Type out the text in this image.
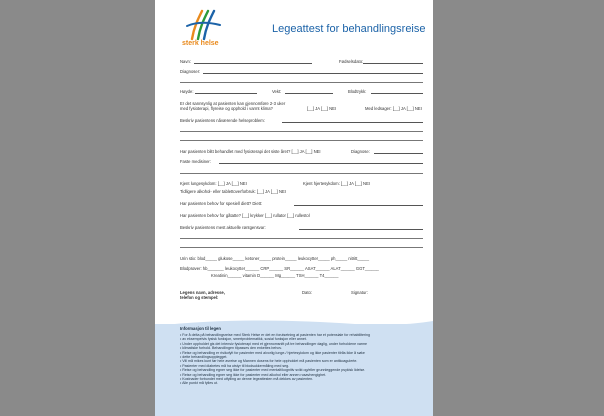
sterk helse
Legeattest for behandlingsreise
Navn:	Fødselsdato:
Diagnoser:
Høyde:	Vekt:	Blodtrykk:
Er det sannsynlig at pasienten kan gjennomføre 2-3 uker
med fysioterapi, flyreise og opphold i varmt klima?	[__] JA [__] NEI	Med ledsager: [__] JA [__] NEI
Beskriv pasientens nåværende helseproblem:
Har pasienten blitt behandlet med fysioterapi det siste året? [__] JA [__] NEI	Diagnose:
Faste medisiner:
Kjent lungesykdom: [__] JA [__] NEI	Kjent hjertesykdom: [__] JA [__] NEI
Tidligere alkohol- eller tablettoverforbruk: [__] JA [__] NEI
Har pasienten behov for spesiell diett? Diett:
Har pasienten behov for gåtatte? [__] krykker [__] rullator [__] rullestol
Beskriv pasientens mest aktuelle røntgensvar:
Urin stix: blod_____ glukose_____ ketoner_____ protein_____ leukocytter_____ ph_____ nitritt_____
Blodprøver: hb_______ leukocytter______ CRP______ SR______ ASAT______ ALAT______ GGT______
Kreatinin______ vitamin D______ Mg______ TSH______ T4______
Legens navn, adresse,
telefon og stempel:
Dato:	Signatur:
Informasjon til legen
• For å delta på behandlingsreise med Sterk Helse er det en forutsetning at pasienten har et potensiale for rehabilitering
• av eksempelvis fysisk funksjon, smertproblematikk, sosial funksjon eller annet.
• Under oppholdet gis det intensiv fysioterapi med et gjennomsnitt på tre behandlinger daglig, under forholdene varme
• klimatiske forhold. Behandlingen tilpasses den enkeltes behov.
• Reise og behandling er risikofylt for pasienter med alvorlig lunge-/ hjertesykdom og ikke pasienter tilrås ikke å søke
• dette behandlingsopplegget.
• Vill må mikes kunt før hele avreise og Mannen dosens for hele oppholdet må pasienten som er antikoagulerte.
• Pasienter med diabetes må ha utstyr til blodsukkermåling med seg.
• Reise og behandling egner seg ikke for pasienter med mentalt/kognitiv svikt og/eller grunnleggende psykisk lidelse.
• Reise og behandling egner seg ikke for pasienter med alkohol eller annen rusavhengighet.
• Kostnader forbundet med utfylling av denne legeattesten må dekkes av pasienten.
• Alle punkt må fylles ut.
